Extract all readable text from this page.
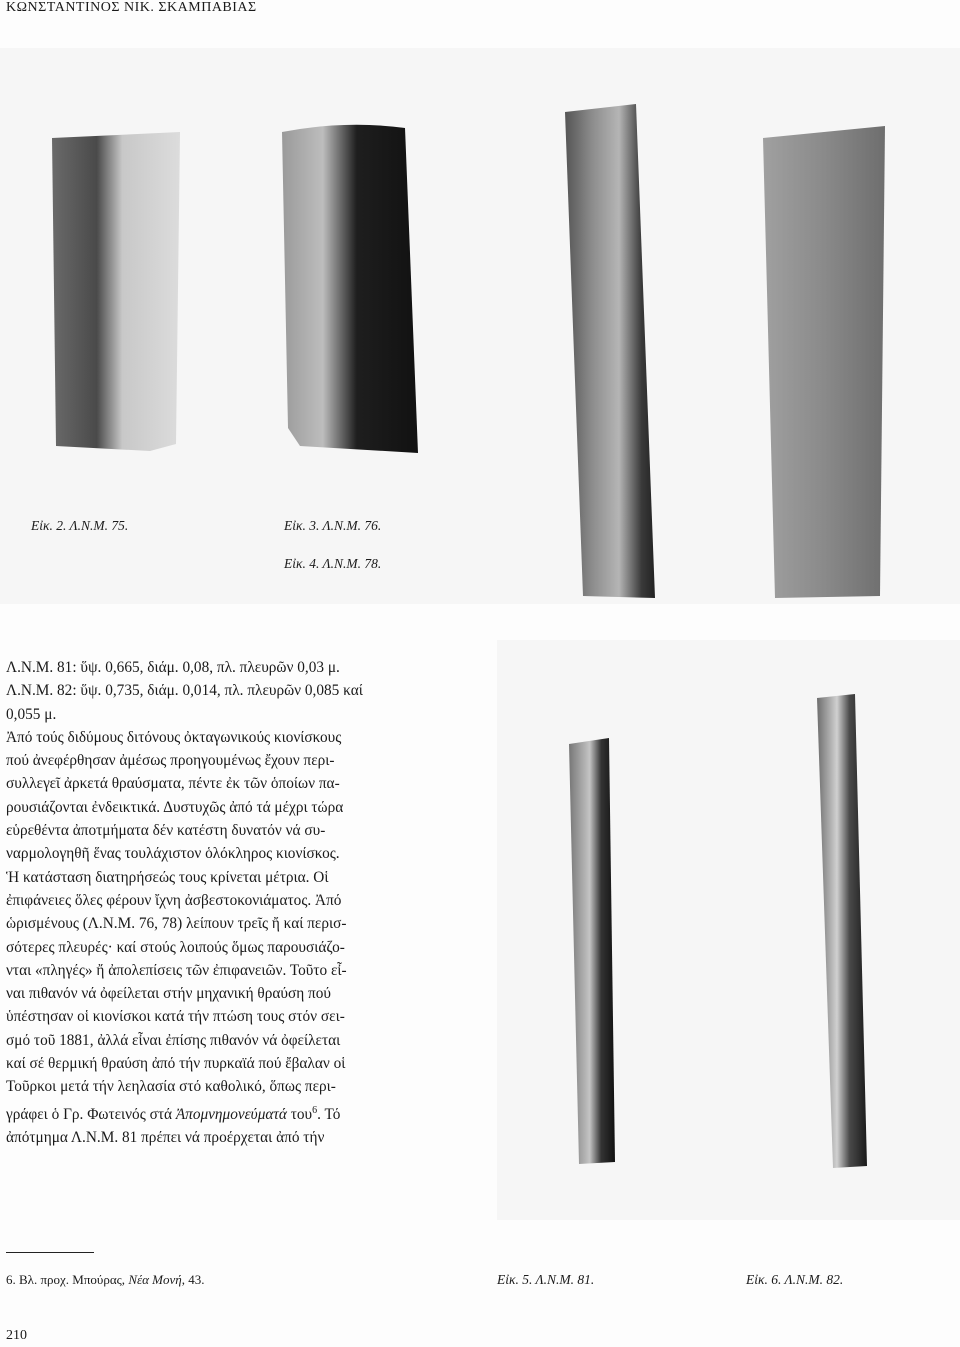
ΚΩΝΣΤΑΝΤΙΝΟΣ ΝΙΚ. ΣΚΑΜΠΑΒΙΑΣ
Εἰκ. 2. Λ.Ν.Μ. 75.	Εἰκ. 3. Λ.Ν.Μ. 76.
Εἰκ. 4. Λ.Ν.Μ. 78.

Λ.Ν.Μ. 81: ὕψ. 0,665, διάμ. 0,08, πλ. πλευρῶν 0,03 μ.

Λ.Ν.Μ. 82: ὕψ. 0,735, διάμ. 0,014, πλ. πλευρῶν 0,085 καί

0,055 μ.

Ἀπό τούς διδύμους διτόνους ὀκταγωνικούς κιονίσκους

πού ἀνεφέρθησαν ἀμέσως προηγουμένως ἔχουν περι-

συλλεγεῖ ἀρκετά θραύσματα, πέντε ἐκ τῶν ὁποίων πα-

ρουσιάζονται ἐνδεικτικά. Δυστυχῶς ἀπό τά μέχρι τώρα

εὑρεθέντα ἀποτμήματα δέν κατέστη δυνατόν νά συ-

ναρμολογηθῆ ἕνας τουλάχιστον ὁλόκληρος κιονίσκος.

Ἡ κατάσταση διατηρήσεώς τους κρίνεται μέτρια. Οἱ

ἐπιφάνειες ὅλες φέρουν ἴχνη ἀσβεστοκονιάματος. Ἀπό

ὡρισμένους (Λ.Ν.Μ. 76, 78) λείπουν τρεῖς ἤ καί περισ-

σότερες πλευρές· καί στούς λοιπούς ὅμως παρουσιάζο-

νται «πληγές» ἤ ἀπολεπίσεις τῶν ἐπιφανειῶν. Τοῦτο εἶ-

ναι πιθανόν νά ὀφείλεται στήν μηχανική θραύση πού

ὑπέστησαν οἱ κιονίσκοι κατά τήν πτώση τους στόν σει-

σμό τοῦ 1881, ἀλλά εἶναι ἐπίσης πιθανόν νά ὀφείλεται

καί σέ θερμική θραύση ἀπό τήν πυρκαϊά πού ἔβαλαν οἱ

Τοῦρκοι μετά τήν λεηλασία στό καθολικό, ὅπως περι-

γράφει ὁ Γρ. Φωτεινός στά Ἀπομνημονεύματά του$^6$. Τό

ἀπότμημα Λ.Ν.Μ. 81 πρέπει νά προέρχεται ἀπό τήν

Εἰκ. 5. Λ.Ν.Μ. 81.	Εἰκ. 6. Λ.Ν.Μ. 82.
6. Βλ. προχ. Μπούρας, Νέα Μονή, 43.
210
